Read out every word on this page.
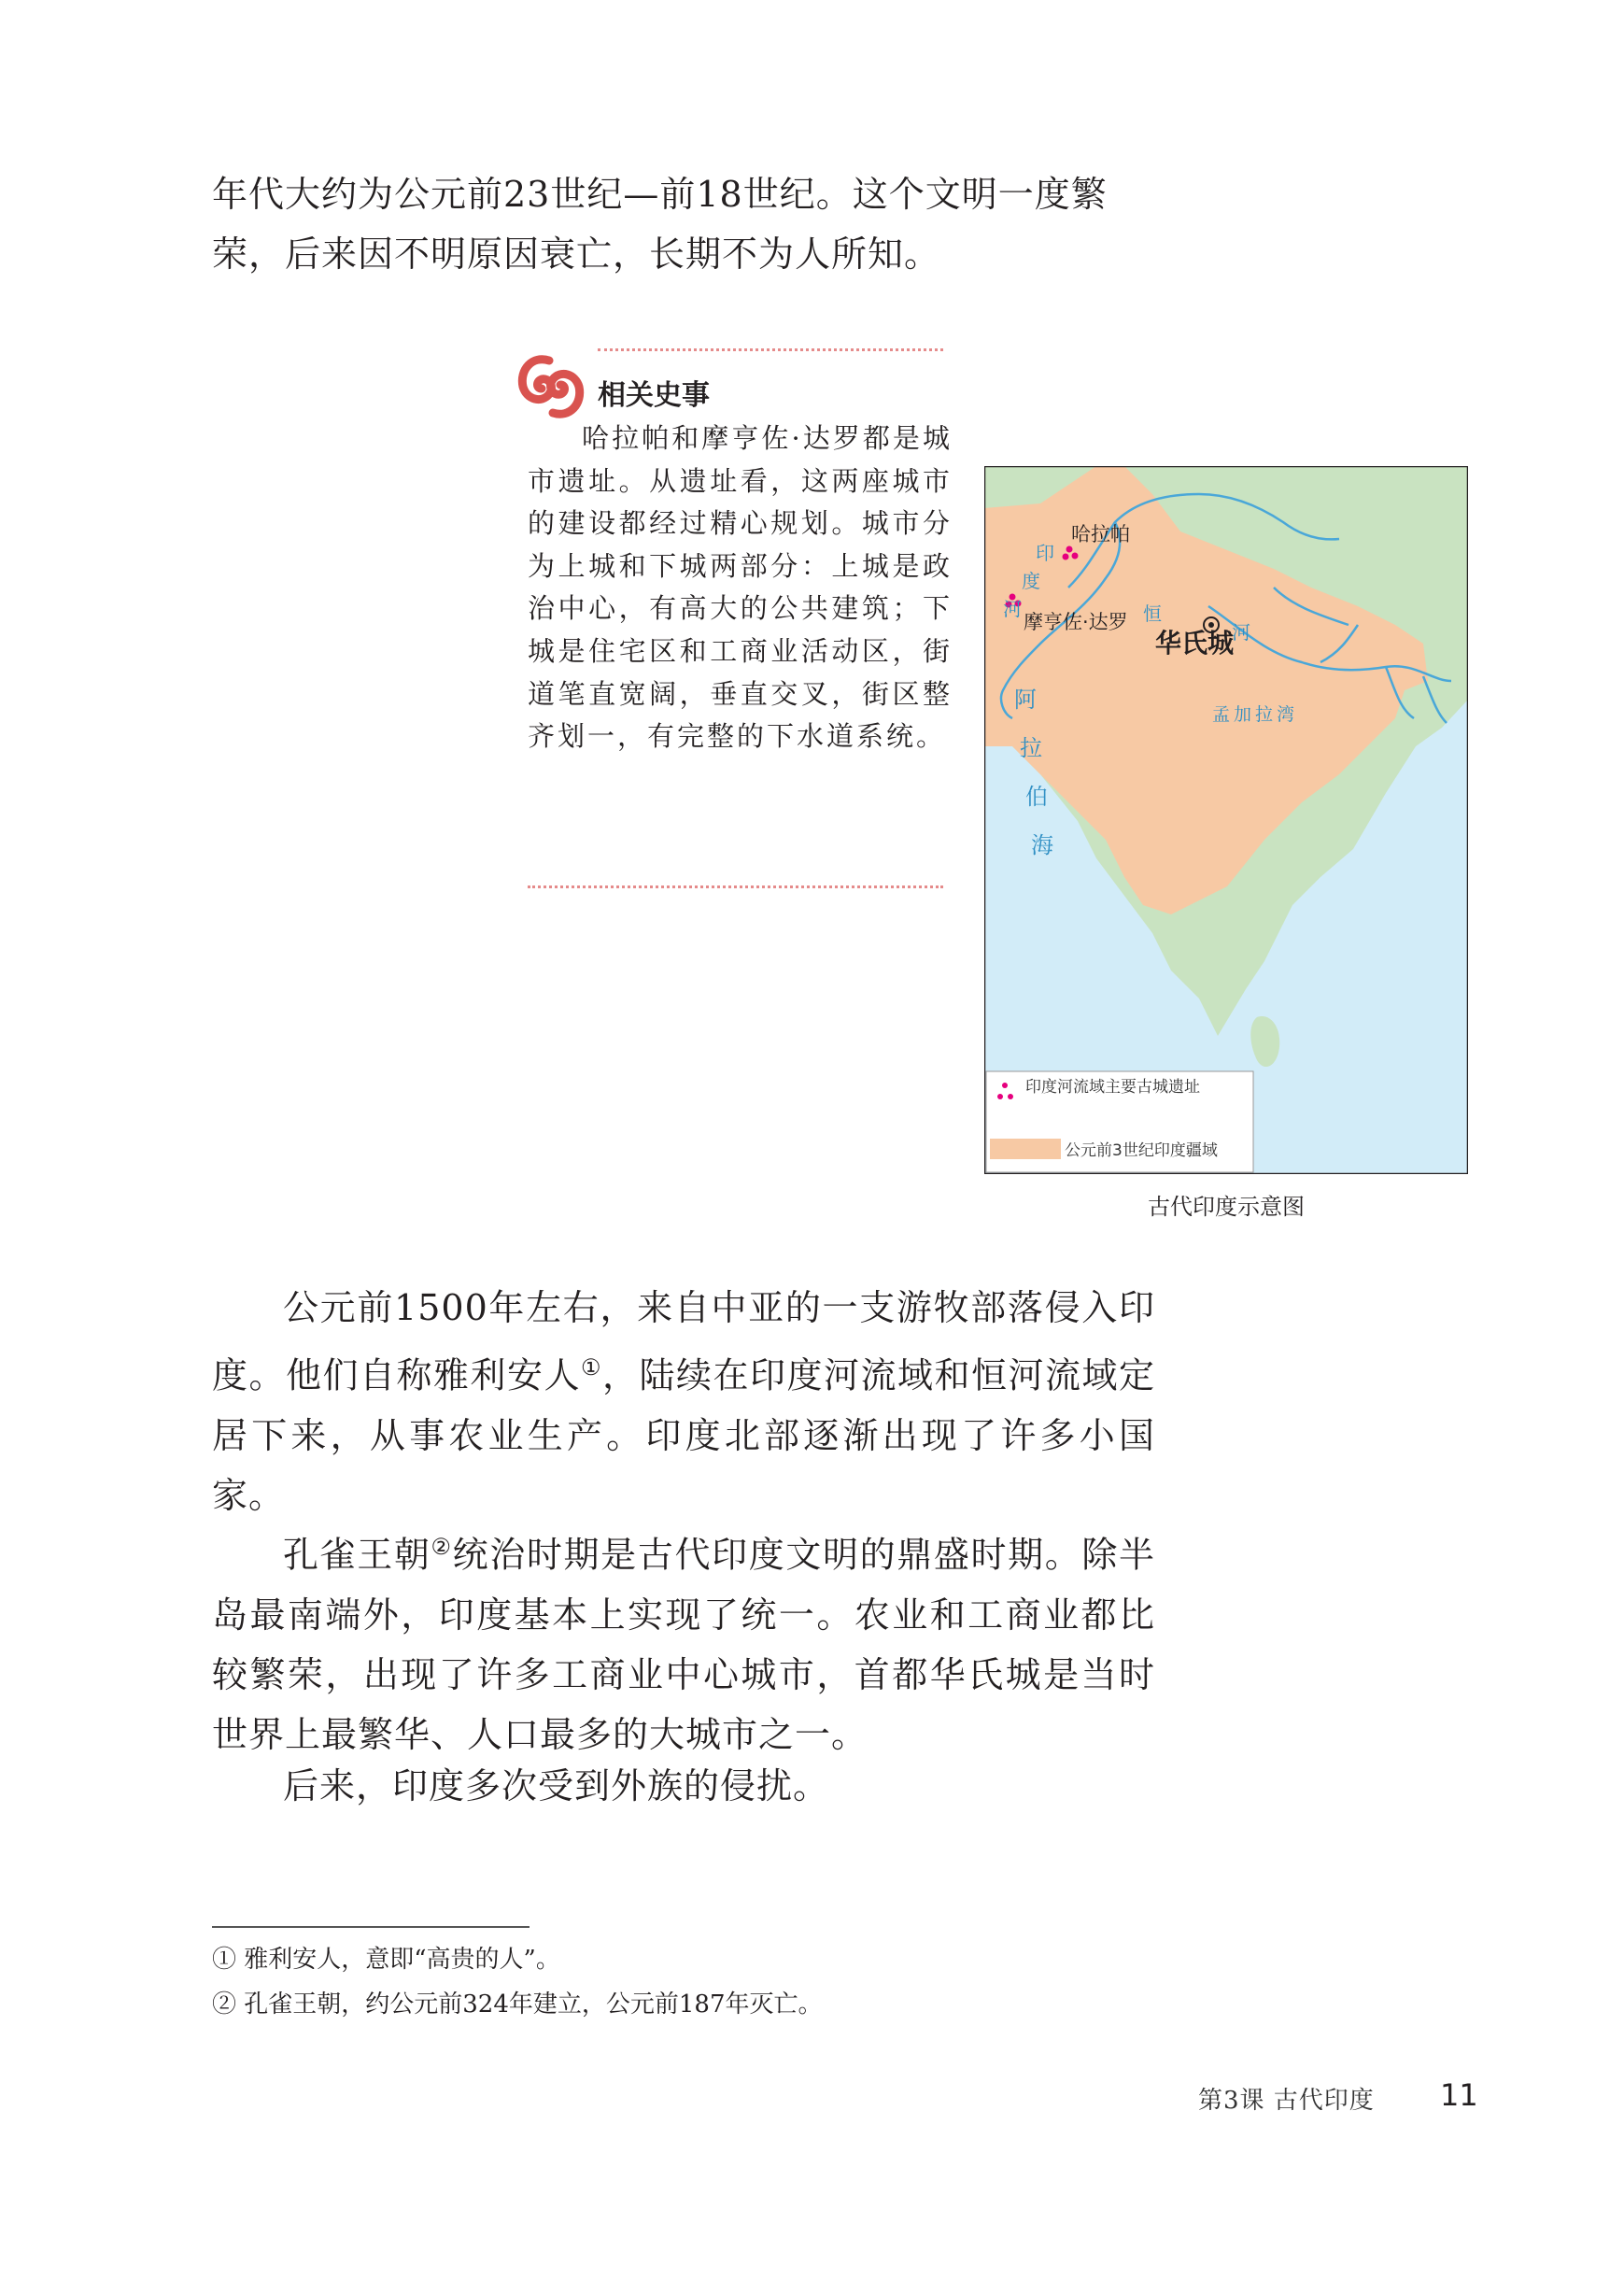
年代大约为公元前23世纪—前18世纪。这个文明一度繁
荣，后来因不明原因衰亡，长期不为人所知。

相关史事

哈拉帕和摩亨佐·达罗都是城市遗址。从遗址看，这两座城市的建设都经过精心规划。城市分为上城和下城两部分：上城是政治中心，有高大的公共建筑；下城是住宅区和工商业活动区，街道笔直宽阔，垂直交叉，街区整齐划一，有完整的下水道系统。

哈拉帕
摩亨佐·达罗
华氏城
印
度
河	恒
河
孟加拉湾
阿
拉
伯
海
印度河流域主要古城遗址
公元前3世纪印度疆域
古代印度示意图

公元前1500年左右，来自中亚的一支游牧部落侵入印度。他们自称雅利安人①，陆续在印度河流域和恒河流域定居下来，从事农业生产。印度北部逐渐出现了许多小国家。

孔雀王朝②统治时期是古代印度文明的鼎盛时期。除半岛最南端外，印度基本上实现了统一。农业和工商业都比较繁荣，出现了许多工商业中心城市，首都华氏城是当时世界上最繁华、人口最多的大城市之一。

后来，印度多次受到外族的侵扰。

① 雅利安人，意即“高贵的人”。

② 孔雀王朝，约公元前324年建立，公元前187年灭亡。

第3课 古代印度 11
